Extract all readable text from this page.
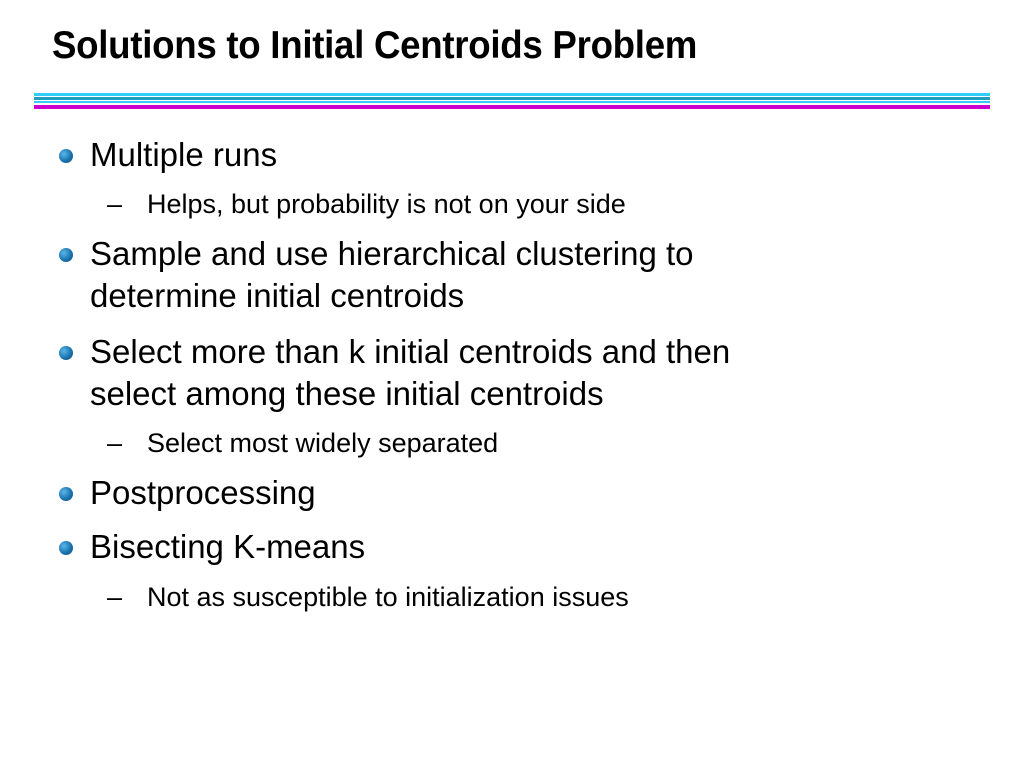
Solutions to Initial Centroids Problem
Multiple runs
– Helps, but probability is not on your side
Sample and use hierarchical clustering to
determine initial centroids
Select more than k initial centroids and then
select among these initial centroids
– Select most widely separated
Postprocessing
Bisecting K-means
– Not as susceptible to initialization issues
